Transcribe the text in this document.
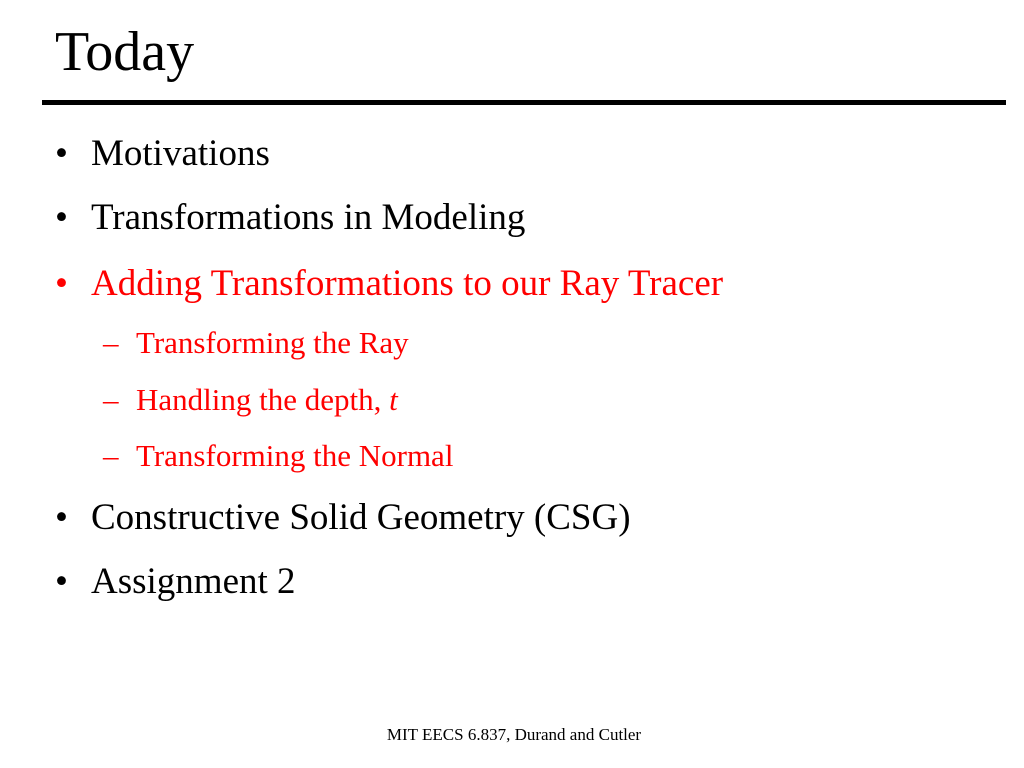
Today
• Motivations
• Transformations in Modeling
• Adding Transformations to our Ray Tracer
– Transforming the Ray
– Handling the depth, t
– Transforming the Normal
• Constructive Solid Geometry (CSG)
• Assignment 2
MIT EECS 6.837, Durand and Cutler
